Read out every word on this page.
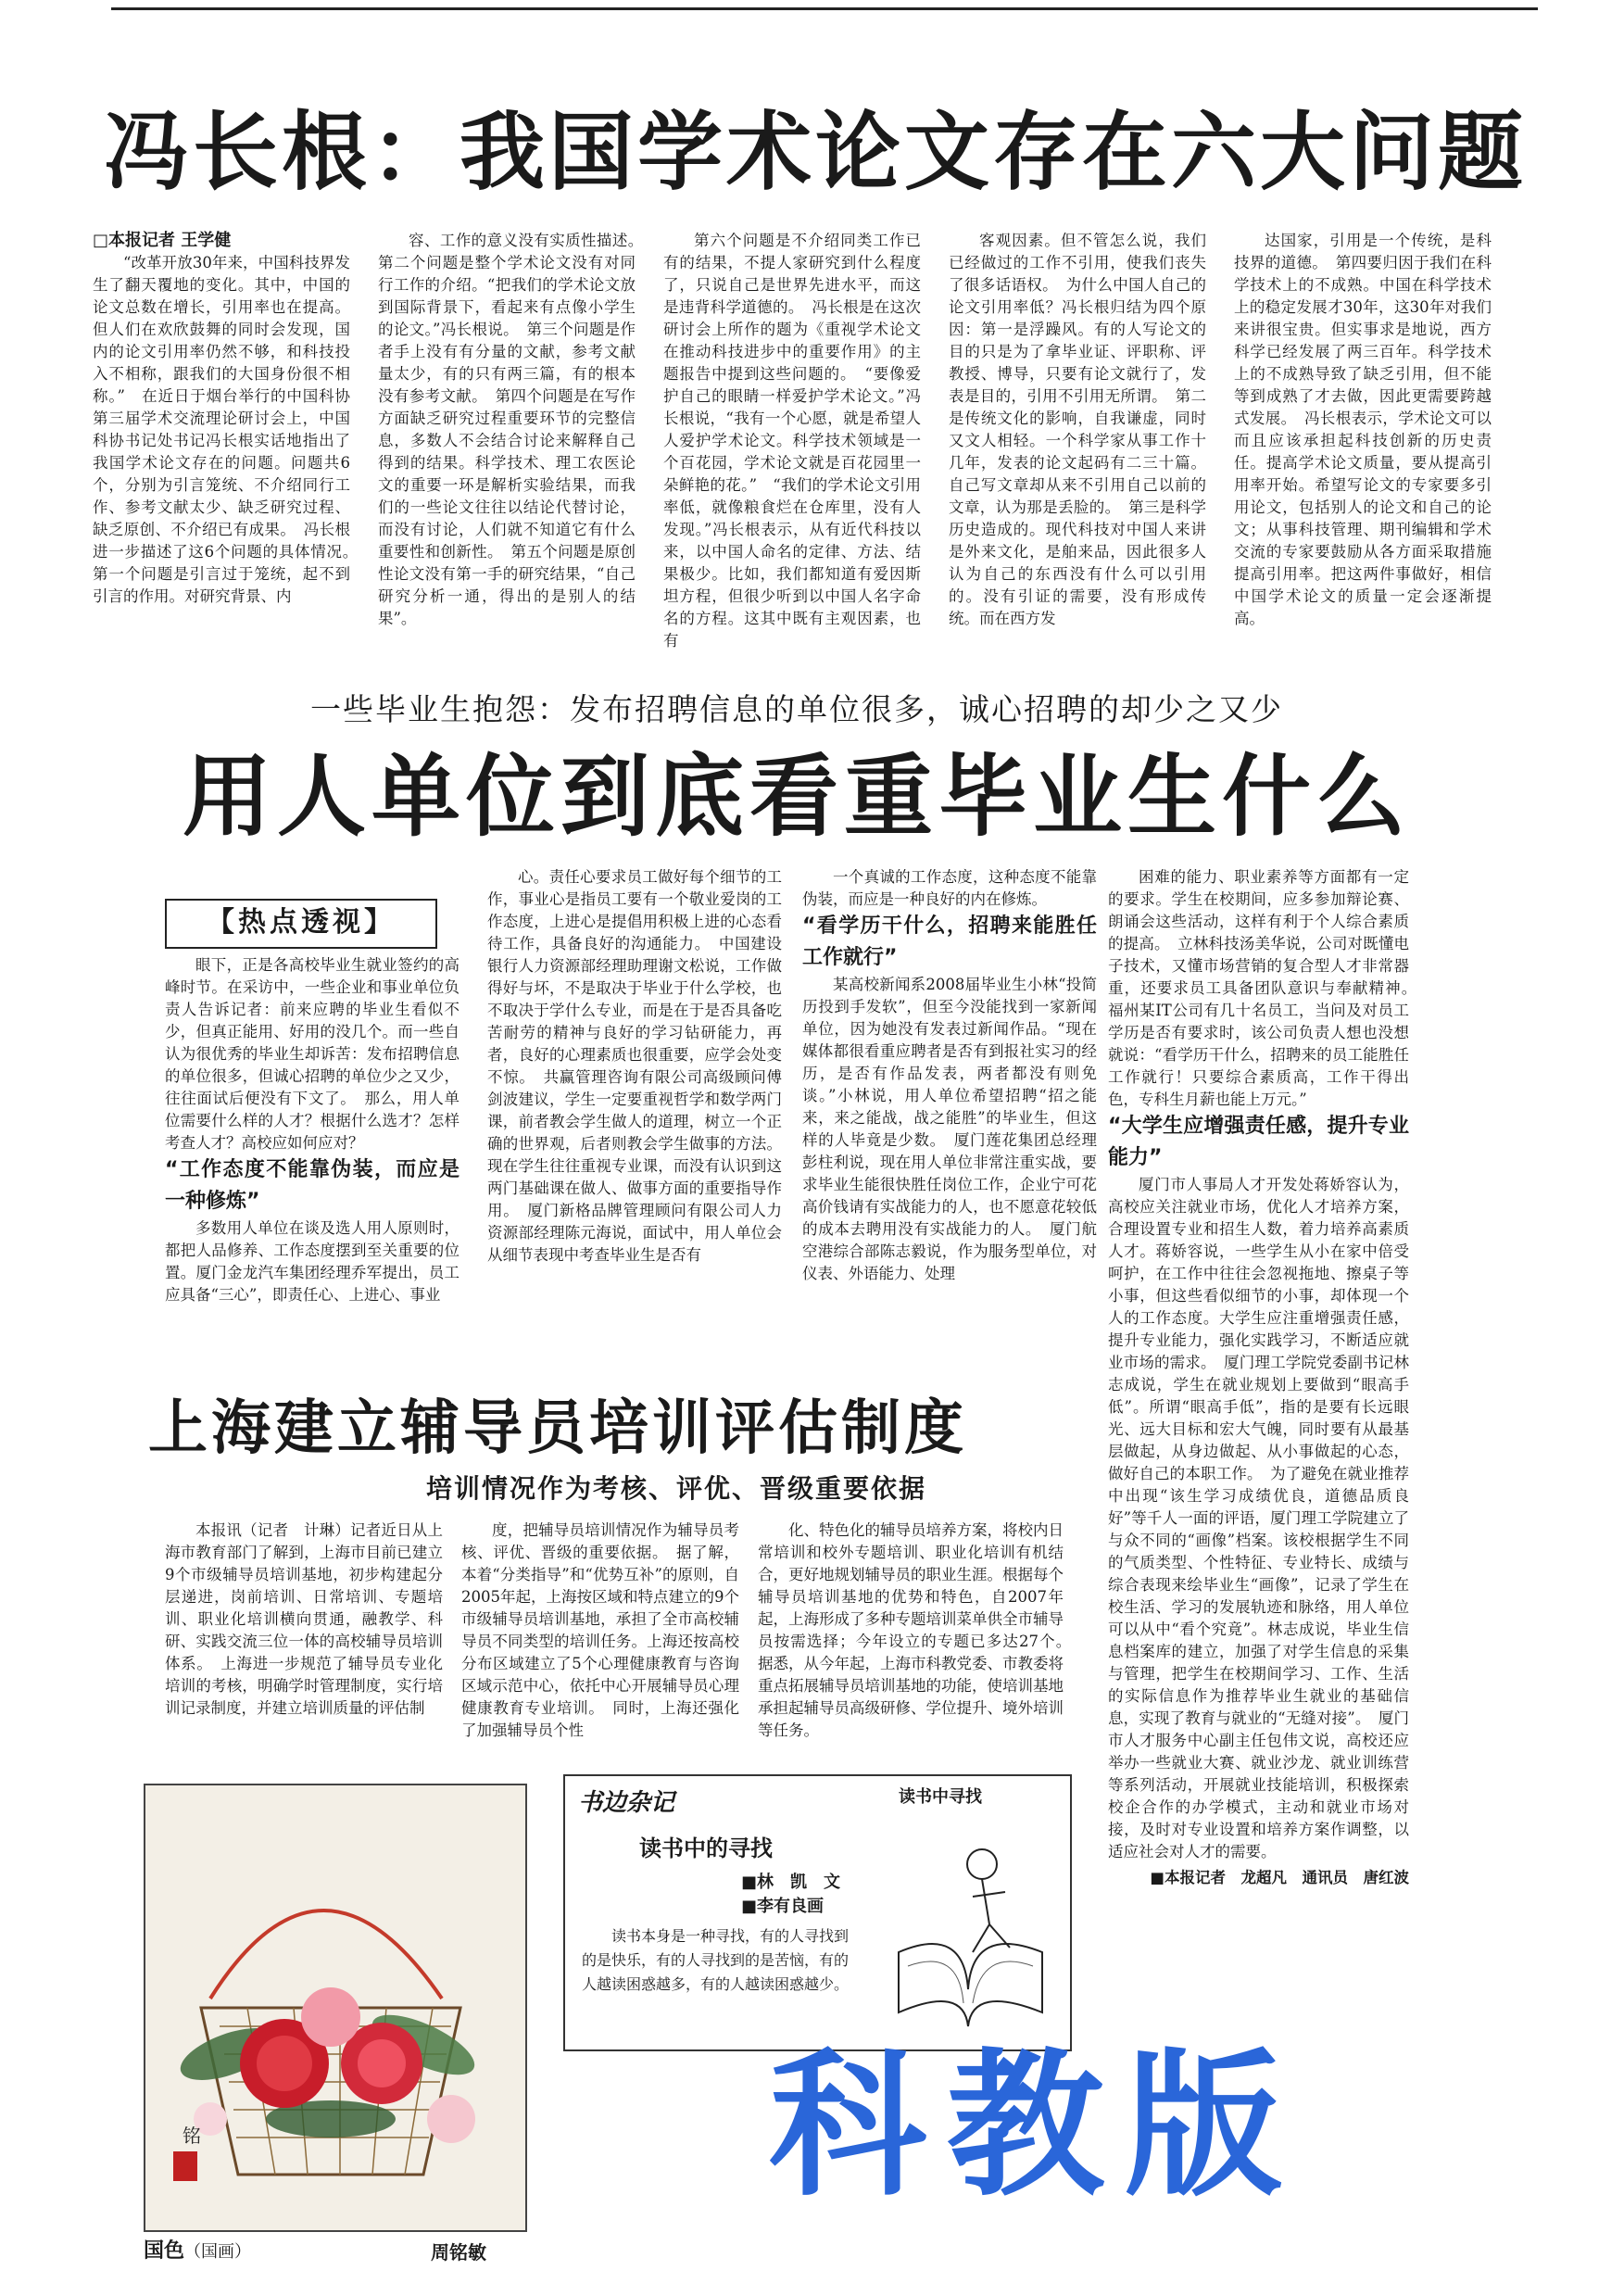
冯长根：我国学术论文存在六大问题
□本报记者 王学健

“改革开放30年来，中国科技界发生了翻天覆地的变化。其中，中国的论文总数在增长，引用率也在提高。但人们在欢欣鼓舞的同时会发现，国内的论文引用率仍然不够，和科技投入不相称，跟我们的大国身份很不相称。”　在近日于烟台举行的中国科协第三届学术交流理论研讨会上，中国科协书记处书记冯长根实话地指出了我国学术论文存在的问题。问题共6个，分别为引言笼统、不介绍同行工作、参考文献太少、缺乏研究过程、缺乏原创、不介绍已有成果。　冯长根进一步描述了这6个问题的具体情况。　第一个问题是引言过于笼统，起不到引言的作用。对研究背景、内

容、工作的意义没有实质性描述。　第二个问题是整个学术论文没有对同行工作的介绍。“把我们的学术论文放到国际背景下，看起来有点像小学生的论文。”冯长根说。　第三个问题是作者手上没有有分量的文献，参考文献量太少，有的只有两三篇，有的根本没有参考文献。　第四个问题是在写作方面缺乏研究过程重要环节的完整信息，多数人不会结合讨论来解释自己得到的结果。科学技术、理工农医论文的重要一环是解析实验结果，而我们的一些论文往往以结论代替讨论，而没有讨论，人们就不知道它有什么重要性和创新性。　第五个问题是原创性论文没有第一手的研究结果，“自己研究分析一通，得出的是别人的结果”。

第六个问题是不介绍同类工作已有的结果，不提人家研究到什么程度了，只说自己是世界先进水平，而这是违背科学道德的。　冯长根是在这次研讨会上所作的题为《重视学术论文在推动科技进步中的重要作用》的主题报告中提到这些问题的。　“要像爱护自己的眼睛一样爱护学术论文。”冯长根说，“我有一个心愿，就是希望人人爱护学术论文。科学技术领域是一个百花园，学术论文就是百花园里一朵鲜艳的花。”　“我们的学术论文引用率低，就像粮食烂在仓库里，没有人发现。”冯长根表示，从有近代科技以来，以中国人命名的定律、方法、结果极少。比如，我们都知道有爱因斯坦方程，但很少听到以中国人名字命名的方程。这其中既有主观因素，也有

客观因素。但不管怎么说，我们已经做过的工作不引用，使我们丧失了很多话语权。　为什么中国人自己的论文引用率低？冯长根归结为四个原因：第一是浮躁风。有的人写论文的目的只是为了拿毕业证、评职称、评教授、博导，只要有论文就行了，发表是目的，引用不引用无所谓。　第二是传统文化的影响，自我谦虚，同时又文人相轻。一个科学家从事工作十几年，发表的论文起码有二三十篇。自己写文章却从来不引用自己以前的文章，认为那是丢脸的。　第三是科学历史造成的。现代科技对中国人来讲是外来文化，是舶来品，因此很多人认为自己的东西没有什么可以引用的。没有引证的需要，没有形成传统。而在西方发

达国家，引用是一个传统，是科技界的道德。　第四要归因于我们在科学技术上的不成熟。中国在科学技术上的稳定发展才30年，这30年对我们来讲很宝贵。但实事求是地说，西方科学已经发展了两三百年。科学技术上的不成熟导致了缺乏引用，但不能等到成熟了才去做，因此更需要跨越式发展。　冯长根表示，学术论文可以而且应该承担起科技创新的历史责任。提高学术论文质量，要从提高引用率开始。希望写论文的专家要多引用论文，包括别人的论文和自己的论文；从事科技管理、期刊编辑和学术交流的专家要鼓励从各方面采取措施提高引用率。把这两件事做好，相信中国学术论文的质量一定会逐渐提高。

一些毕业生抱怨：发布招聘信息的单位很多，诚心招聘的却少之又少
用人单位到底看重毕业生什么
【热点透视】

眼下，正是各高校毕业生就业签约的高峰时节。在采访中，一些企业和事业单位负责人告诉记者：前来应聘的毕业生看似不少，但真正能用、好用的没几个。而一些自认为很优秀的毕业生却诉苦：发布招聘信息的单位很多，但诚心招聘的单位少之又少，往往面试后便没有下文了。　那么，用人单位需要什么样的人才？根据什么选才？怎样考查人才？高校应如何应对？

“工作态度不能靠伪装，而应是一种修炼”

多数用人单位在谈及选人用人原则时，都把人品修养、工作态度摆到至关重要的位置。厦门金龙汽车集团经理乔军提出，员工应具备“三心”，即责任心、上进心、事业

心。责任心要求员工做好每个细节的工作，事业心是指员工要有一个敬业爱岗的工作态度，上进心是提倡用积极上进的心态看待工作，具备良好的沟通能力。　中国建设银行人力资源部经理助理谢文松说，工作做得好与坏，不是取决于毕业于什么学校，也不取决于学什么专业，而是在于是否具备吃苦耐劳的精神与良好的学习钻研能力，再者，良好的心理素质也很重要，应学会处变不惊。　共赢管理咨询有限公司高级顾问傅剑波建议，学生一定要重视哲学和数学两门课，前者教会学生做人的道理，树立一个正确的世界观，后者则教会学生做事的方法。现在学生往往重视专业课，而没有认识到这两门基础课在做人、做事方面的重要指导作用。　厦门新格品牌管理顾问有限公司人力资源部经理陈元海说，面试中，用人单位会从细节表现中考查毕业生是否有

一个真诚的工作态度，这种态度不能靠伪装，而应是一种良好的内在修炼。

“看学历干什么，招聘来能胜任工作就行”

某高校新闻系2008届毕业生小林“投简历投到手发软”，但至今没能找到一家新闻单位，因为她没有发表过新闻作品。“现在媒体都很看重应聘者是否有到报社实习的经历，是否有作品发表，两者都没有则免谈。”小林说，用人单位希望招聘“招之能来，来之能战，战之能胜”的毕业生，但这样的人毕竟是少数。　厦门莲花集团总经理彭柱利说，现在用人单位非常注重实战，要求毕业生能很快胜任岗位工作，企业宁可花高价钱请有实战能力的人，也不愿意花较低的成本去聘用没有实战能力的人。　厦门航空港综合部陈志毅说，作为服务型单位，对仪表、外语能力、处理

困难的能力、职业素养等方面都有一定的要求。学生在校期间，应多参加辩论赛、朗诵会这些活动，这样有利于个人综合素质的提高。　立林科技汤美华说，公司对既懂电子技术，又懂市场营销的复合型人才非常器重，还要求员工具备团队意识与奉献精神。　福州某IT公司有几十名员工，当问及对员工学历是否有要求时，该公司负责人想也没想就说：“看学历干什么，招聘来的员工能胜任工作就行！只要综合素质高，工作干得出色，专科生月薪也能上万元。”

“大学生应增强责任感，提升专业能力”

厦门市人事局人才开发处蒋娇容认为，高校应关注就业市场，优化人才培养方案，合理设置专业和招生人数，着力培养高素质人才。蒋娇容说，一些学生从小在家中倍受呵护，在工作中往往会忽视拖地、擦桌子等小事，但这些看似细节的小事，却体现一个人的工作态度。大学生应注重增强责任感，提升专业能力，强化实践学习，不断适应就业市场的需求。　厦门理工学院党委副书记林志成说，学生在就业规划上要做到“眼高手低”。所谓“眼高手低”，指的是要有长远眼光、远大目标和宏大气魄，同时要有从最基层做起，从身边做起、从小事做起的心态，做好自己的本职工作。　为了避免在就业推荐中出现“该生学习成绩优良，道德品质良好”等千人一面的评语，厦门理工学院建立了与众不同的“画像”档案。该校根据学生不同的气质类型、个性特征、专业特长、成绩与综合表现来绘毕业生“画像”，记录了学生在校生活、学习的发展轨迹和脉络，用人单位可以从中“看个究竟”。林志成说，毕业生信息档案库的建立，加强了对学生信息的采集与管理，把学生在校期间学习、工作、生活的实际信息作为推荐毕业生就业的基础信息，实现了教育与就业的“无缝对接”。　厦门市人才服务中心副主任包伟文说，高校还应举办一些就业大赛、就业沙龙、就业训练营等系列活动，开展就业技能培训，积极探索校企合作的办学模式，主动和就业市场对接，及时对专业设置和培养方案作调整，以适应社会对人才的需要。

■本报记者　龙超凡　通讯员　唐红波
上海建立辅导员培训评估制度
培训情况作为考核、评优、晋级重要依据

本报讯（记者　计琳）记者近日从上海市教育部门了解到，上海市目前已建立9个市级辅导员培训基地，初步构建起分层递进，岗前培训、日常培训、专题培训、职业化培训横向贯通，融教学、科研、实践交流三位一体的高校辅导员培训体系。　上海进一步规范了辅导员专业化培训的考核，明确学时管理制度，实行培训记录制度，并建立培训质量的评估制

度，把辅导员培训情况作为辅导员考核、评优、晋级的重要依据。　据了解，本着“分类指导”和“优势互补”的原则，自2005年起，上海按区域和特点建立的9个市级辅导员培训基地，承担了全市高校辅导员不同类型的培训任务。上海还按高校分布区域建立了5个心理健康教育与咨询区域示范中心，依托中心开展辅导员心理健康教育专业培训。　同时，上海还强化了加强辅导员个性

化、特色化的辅导员培养方案，将校内日常培训和校外专题培训、职业化培训有机结合，更好地规划辅导员的职业生涯。根据每个辅导员培训基地的优势和特色，自2007年起，上海形成了多种专题培训菜单供全市辅导员按需选择；今年设立的专题已多达27个。　据悉，从今年起，上海市科教党委、市教委将重点拓展辅导员培训基地的功能，使培训基地承担起辅导员高级研修、学位提升、境外培训等任务。

铭
国色（国画）	周铭敏
书边杂记
读书中的寻找
■林　凯　文
■李有良画
读书本身是一种寻找，有的人寻找到的是快乐，有的人寻找到的是苦恼，有的人越读困惑越多，有的人越读困惑越少。
读书中寻找
科教版
